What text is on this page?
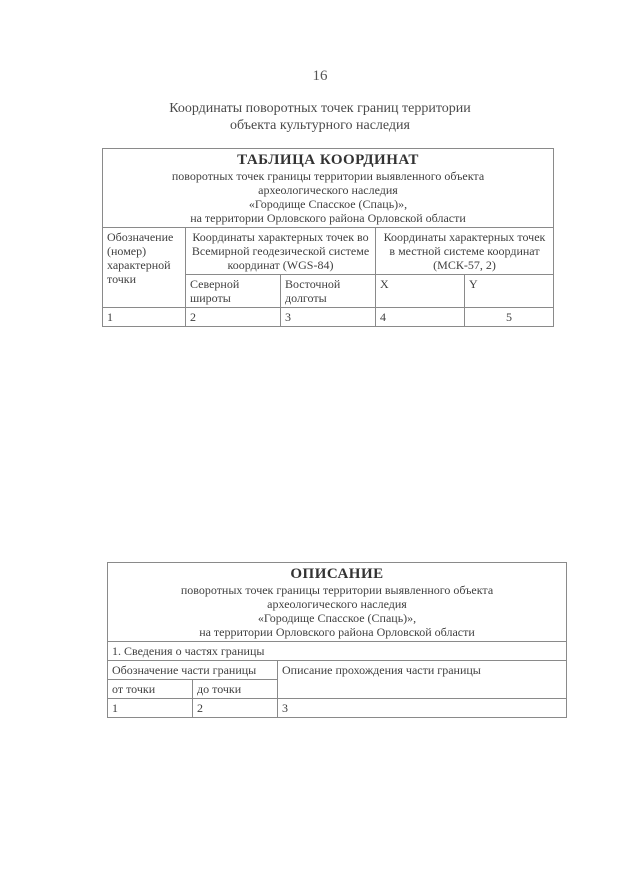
16
Координаты поворотных точек границ территории
объекта культурного наследия
ТАБЛИЦА КООРДИНАТ
поворотных точек границы территории выявленного объекта
археологического наследия
«Городище Спасское (Спаць)»,
на территории Орловского района Орловской области				

Обозначение (номер) характерной точки	Координаты характерных точек во Всемирной геодезической системе координат (WGS-84)		Координаты характерных точек в местной системе координат (МСК-57, 2)	
	Северной широты	Восточной долготы	X	Y
1	2	3	4	5
ОПИСАНИЕ
поворотных точек границы территории выявленного объекта
археологического наследия
«Городище Спасское (Спаць)»,
на территории Орловского района Орловской области		

1. Сведения о частях границы		
Обозначение части границы		Описание прохождения части границы
от точки	до точки	
1	2	3
